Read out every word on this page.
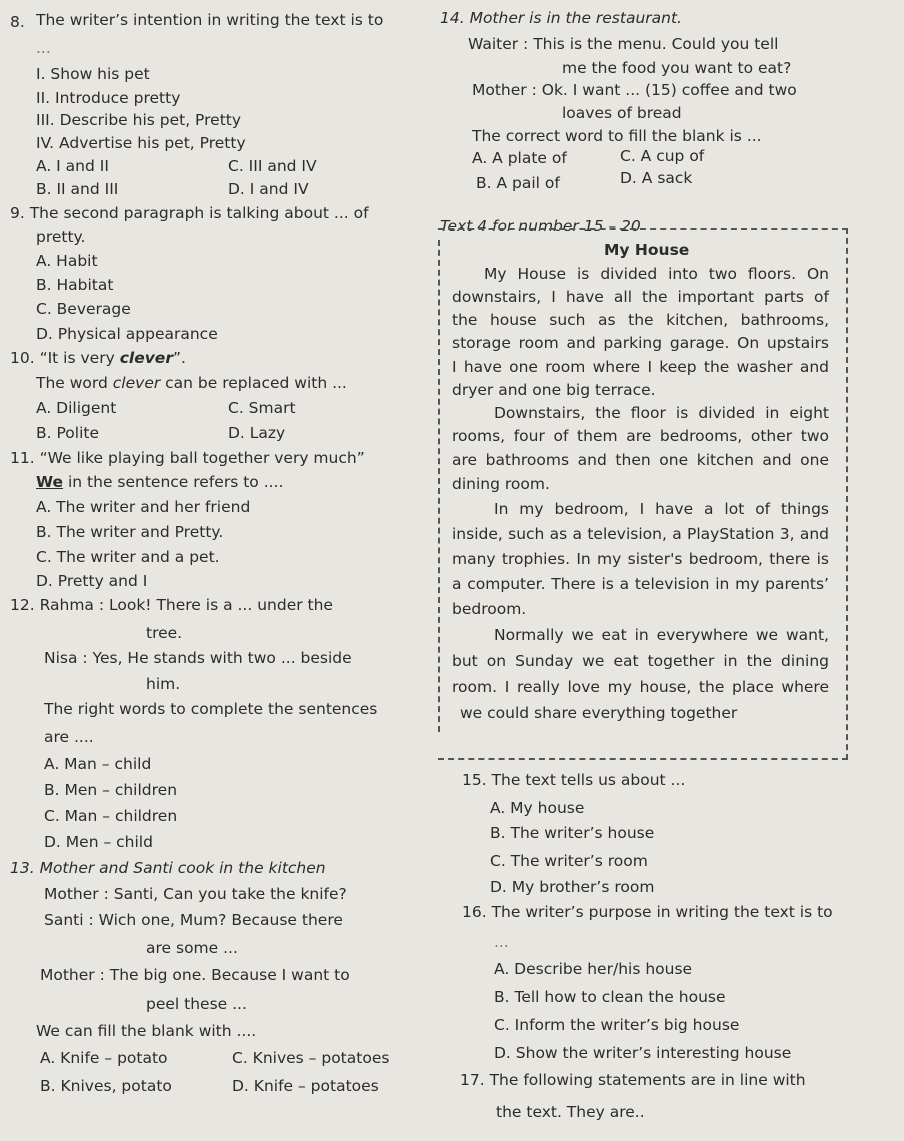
8. The writer’s intention in writing the text is to
...
I. Show his pet
II. Introduce pretty
III. Describe his pet, Pretty
IV. Advertise his pet, Pretty
A. I and II	C. III and IV
B. II and III	D. I and IV
9. The second paragraph is talking about ... of
pretty.
A. Habit
B. Habitat
C. Beverage
D. Physical appearance
10. “It is very clever”.
The word clever can be replaced with ...
A. Diligent	C. Smart
B. Polite	D. Lazy
11. “We like playing ball together very much”
We in the sentence refers to ....
A. The writer and her friend
B. The writer and Pretty.
C. The writer and a pet.
D. Pretty and I
12. Rahma : Look! There is a ... under the
tree.
Nisa : Yes, He stands with two ... beside
him.
The right words to complete the sentences
are ....
A. Man – child
B. Men – children
C. Man – children
D. Men – child
13. Mother and Santi cook in the kitchen
Mother : Santi, Can you take the knife?
Santi : Wich one, Mum? Because there
are some ...
Mother : The big one. Because I want to
peel these ...
We can fill the blank with ....
A. Knife – potato	C. Knives – potatoes
B. Knives, potato	D. Knife – potatoes
14. Mother is in the restaurant.
Waiter : This is the menu. Could you tell
me the food you want to eat?
Mother : Ok. I want ... (15) coffee and two
loaves of bread
The correct word to fill the blank is ...
A. A plate of	C. A cup of
B. A pail of	D. A sack
Text 4 for number 15 – 20
My House
My House is divided into two floors. On
downstairs, I have all the important parts of
the house such as the kitchen, bathrooms,
storage room and parking garage. On upstairs
I have one room where I keep the washer and
dryer and one big terrace.
Downstairs, the floor is divided in eight
rooms, four of them are bedrooms, other two
are bathrooms and then one kitchen and one
dining room.
In my bedroom, I have a lot of things
inside, such as a television, a PlayStation 3, and
many trophies. In my sister's bedroom, there is
a computer. There is a television in my parents’
bedroom.
Normally we eat in everywhere we want,
but on Sunday we eat together in the dining
room. I really love my house, the place where
we could share everything together
15. The text tells us about ...
A. My house
B. The writer’s house
C. The writer’s room
D. My brother’s room
16. The writer’s purpose in writing the text is to
...
A. Describe her/his house
B. Tell how to clean the house
C. Inform the writer’s big house
D. Show the writer’s interesting house
17. The following statements are in line with
the text. They are..
